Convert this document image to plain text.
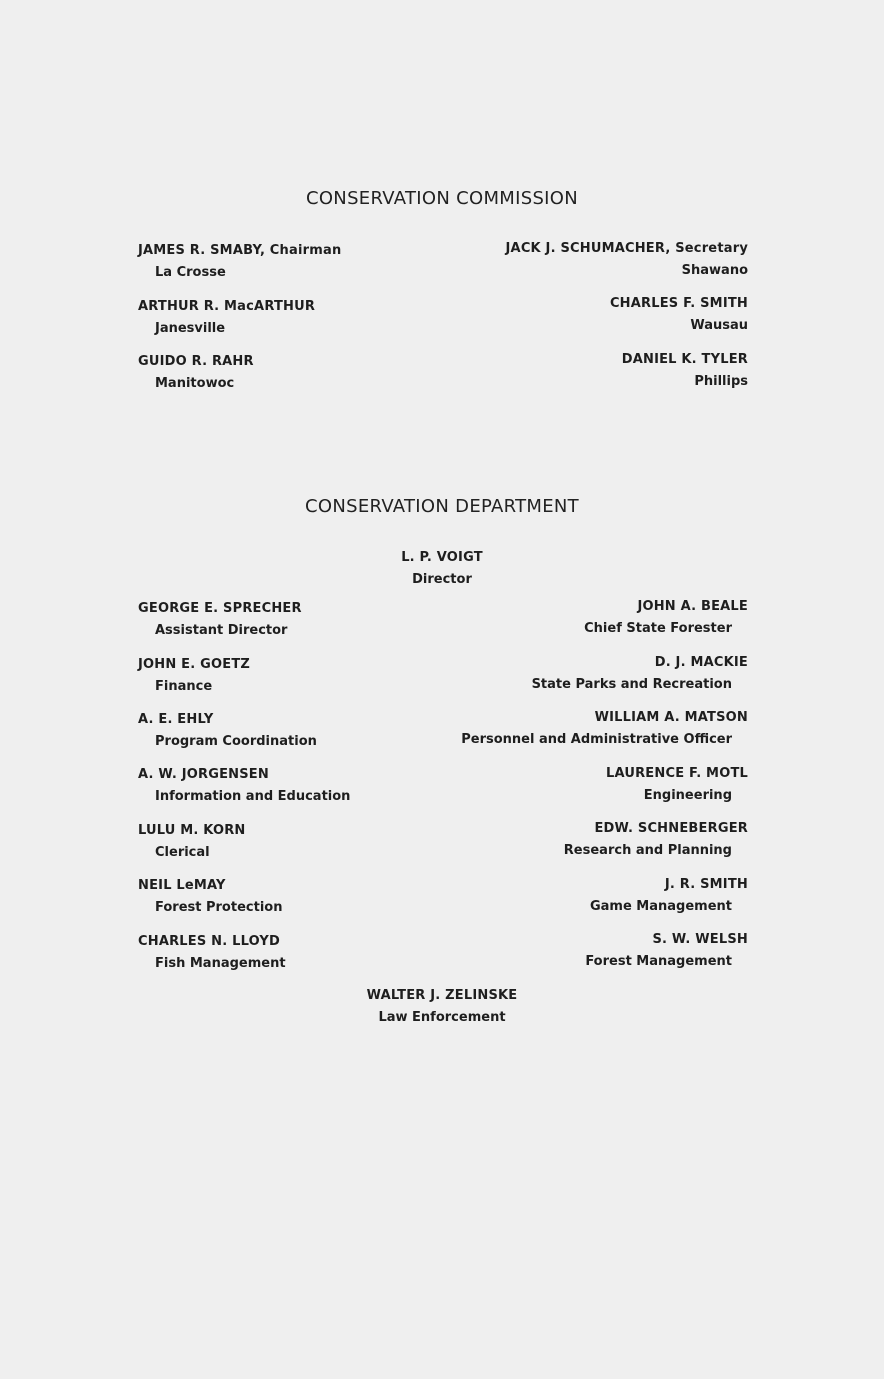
CONSERVATION COMMISSION
JAMES R. SMABY, Chairman
La Crosse
ARTHUR R. MacARTHUR
Janesville
GUIDO R. RAHR
Manitowoc
JACK J. SCHUMACHER, Secretary
Shawano
CHARLES F. SMITH
Wausau
DANIEL K. TYLER
Phillips
CONSERVATION DEPARTMENT
L. P. VOIGT
Director
GEORGE E. SPRECHER
Assistant Director
JOHN E. GOETZ
Finance
A. E. EHLY
Program Coordination
A. W. JORGENSEN
Information and Education
LULU M. KORN
Clerical
NEIL LeMAY
Forest Protection
CHARLES N. LLOYD
Fish Management
JOHN A. BEALE
Chief State Forester
D. J. MACKIE
State Parks and Recreation
WILLIAM A. MATSON
Personnel and Administrative Officer
LAURENCE F. MOTL
Engineering
EDW. SCHNEBERGER
Research and Planning
J. R. SMITH
Game Management
S. W. WELSH
Forest Management
WALTER J. ZELINSKE
Law Enforcement
